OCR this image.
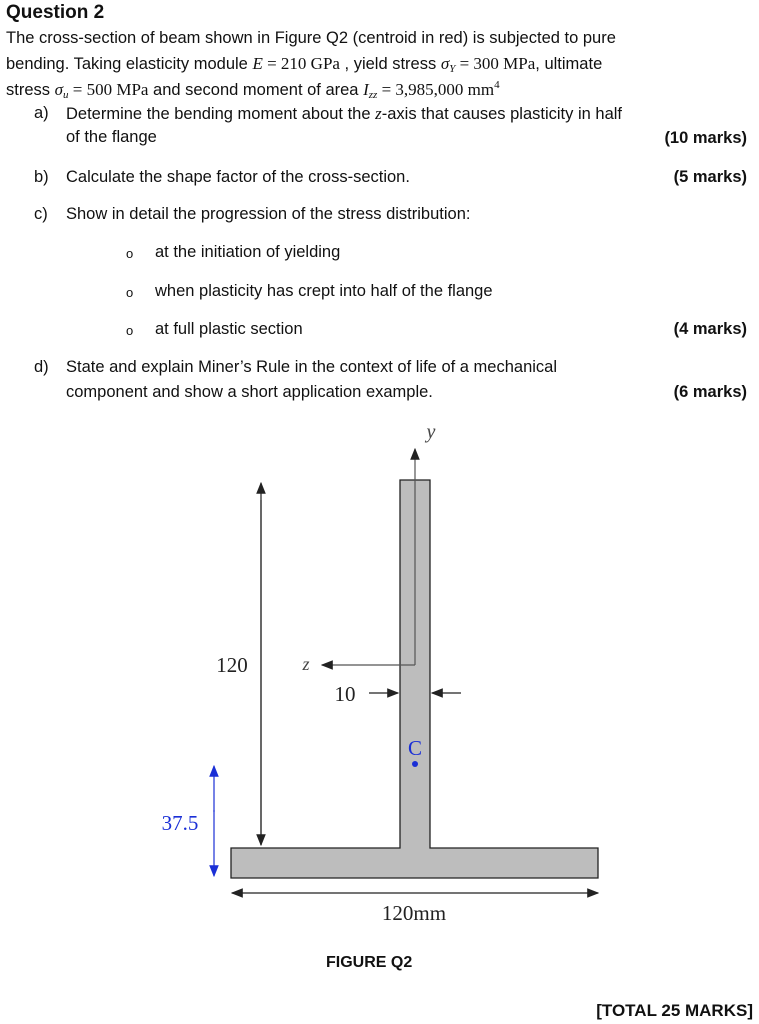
Question 2
The cross-section of beam shown in Figure Q2 (centroid in red) is subjected to pure
bending. Taking elasticity module E = 210 GPa , yield stress $\sigma_Y = 300$ MPa, ultimate
stress $\sigma_u = 500$ MPa and second moment of area $I_{zz} = 3,985,000$ $mm^4$
a) Determine the bending moment about the z-axis that causes plasticity in half
of the flange	(10 marks)
b) Calculate the shape factor of the cross-section.	(5 marks)
c) Show in detail the progression of the stress distribution:
o at the initiation of yielding
o when plasticity has crept into half of the flange
o at full plastic section	(4 marks)
d) State and explain Miner’s Rule in the context of life of a mechanical
component and show a short application example.	(6 marks)
y
z
120
10
C
37.5
120mm
FIGURE Q2
[TOTAL 25 MARKS]
